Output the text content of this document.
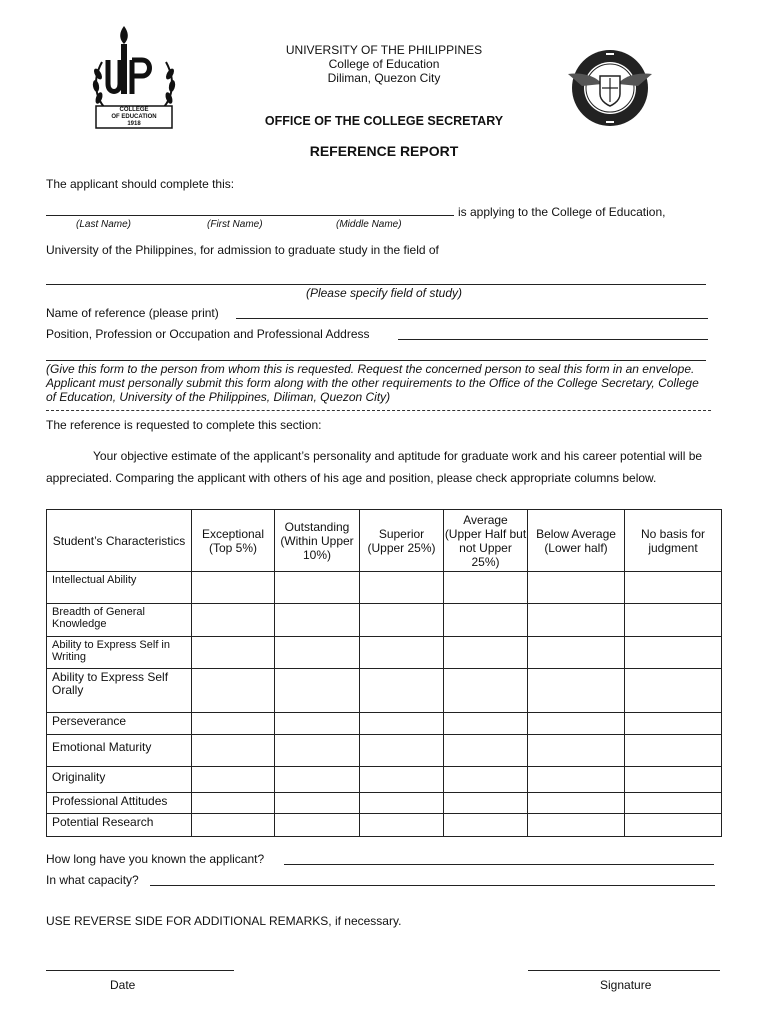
COLLEGE
OF EDUCATION
1918
UNIVERSITY OF THE PHILIPPINES
College of Education
Diliman, Quezon City
OFFICE OF THE COLLEGE SECRETARY
REFERENCE REPORT
The applicant should complete this:
is applying to the College of Education,
(Last Name)	(First Name)	(Middle Name)
University of the Philippines, for admission to graduate study in the field of
(Please specify field of study)
Name of reference (please print)
Position, Profession or Occupation and Professional Address
(Give this form to the person from whom this is requested. Request the concerned person to seal this form in an envelope. Applicant must personally submit this form along with the other requirements to the Office of the College Secretary, College of Education, University of the Philippines, Diliman, Quezon City)
The reference is requested to complete this section:
Your objective estimate of the applicant’s personality and aptitude for graduate work and his career potential will be appreciated. Comparing the applicant with others of his age and position, please check appropriate columns below.
Student’s Characteristics	Exceptional (Top 5%)	Outstanding (Within Upper 10%)	Superior (Upper 25%)	Average (Upper Half but not Upper 25%)	Below Average (Lower half)	No basis for judgment
Intellectual Ability						
Breadth of General Knowledge						
Ability to Express Self in Writing						
Ability to Express Self Orally						
Perseverance						
Emotional Maturity						
Originality						
Professional Attitudes						
Potential Research						
How long have you known the applicant?
In what capacity?
USE REVERSE SIDE FOR ADDITIONAL REMARKS, if necessary.
Date	Signature
